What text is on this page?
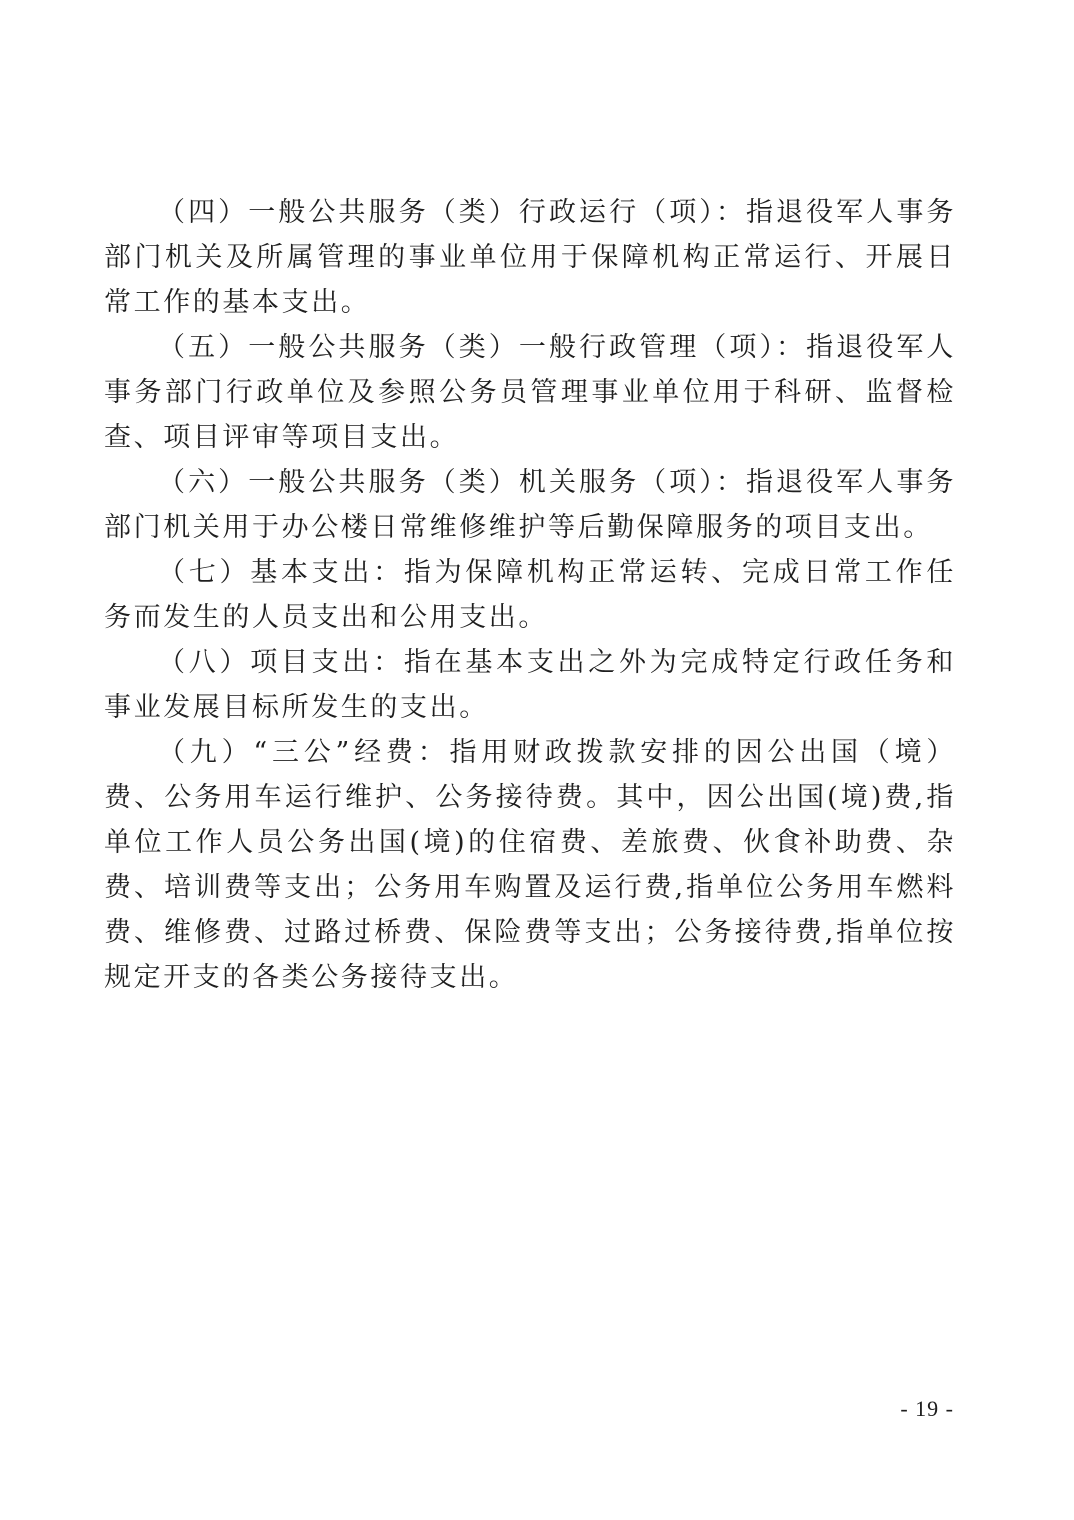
（四）一般公共服务（类）行政运行（项）：指退役军人事务部门机关及所属管理的事业单位用于保障机构正常运行、开展日常工作的基本支出。

（五）一般公共服务（类）一般行政管理（项）：指退役军人事务部门行政单位及参照公务员管理事业单位用于科研、监督检查、项目评审等项目支出。

（六）一般公共服务（类）机关服务（项）：指退役军人事务部门机关用于办公楼日常维修维护等后勤保障服务的项目支出。

（七）基本支出：指为保障机构正常运转、完成日常工作任务而发生的人员支出和公用支出。

（八）项目支出：指在基本支出之外为完成特定行政任务和事业发展目标所发生的支出。

（九）“三公”经费：指用财政拨款安排的因公出国（境）费、公务用车运行维护、公务接待费。其中，因公出国(境)费,指单位工作人员公务出国(境)的住宿费、差旅费、伙食补助费、杂费、培训费等支出；公务用车购置及运行费,指单位公务用车燃料费、维修费、过路过桥费、保险费等支出；公务接待费,指单位按规定开支的各类公务接待支出。

- 19 -
